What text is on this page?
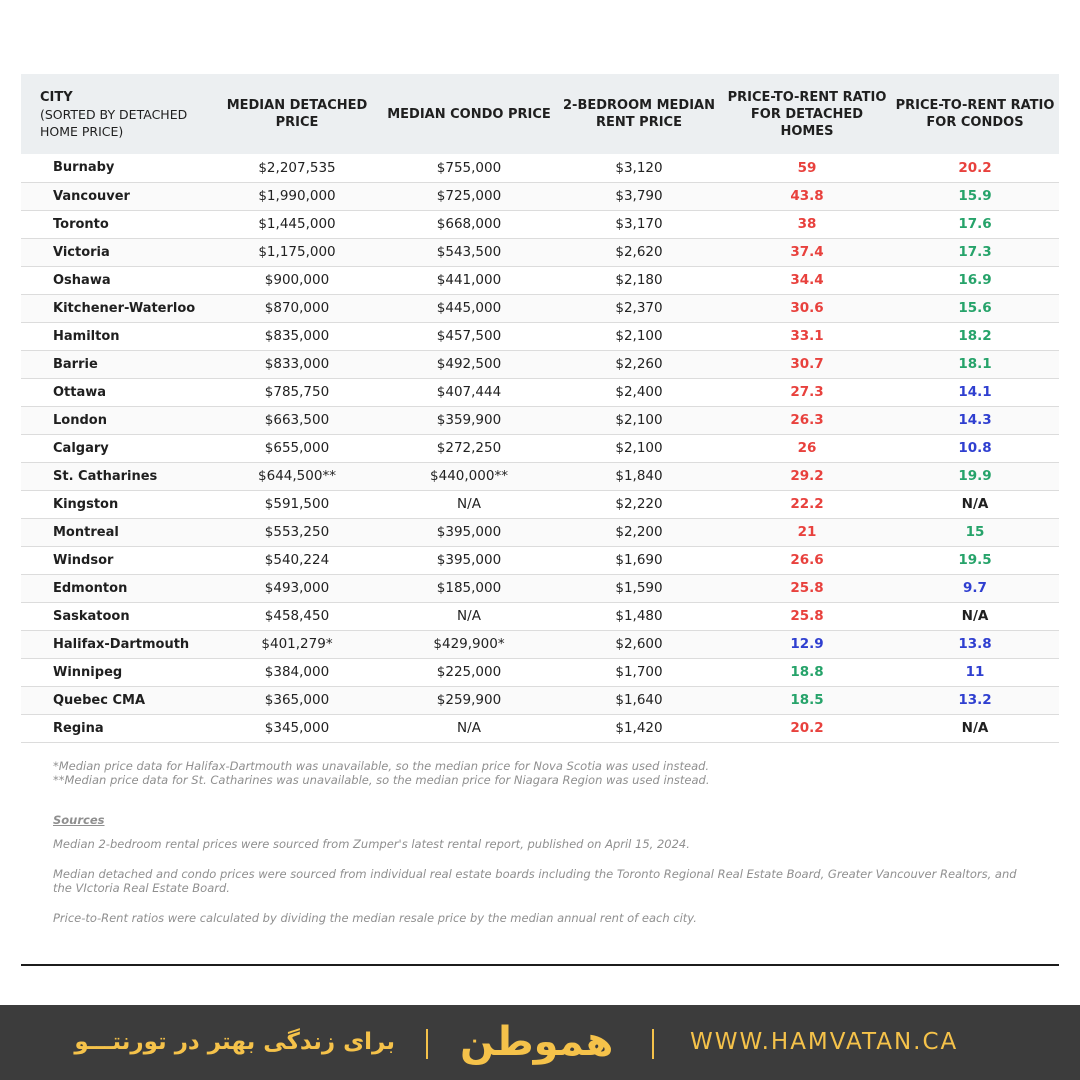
CITY
(SORTED BY DETACHED HOME PRICE)	MEDIAN DETACHED PRICE	MEDIAN CONDO PRICE	2-BEDROOM MEDIAN RENT PRICE	PRICE-TO-RENT RATIO FOR DETACHED HOMES	PRICE-TO-RENT RATIO FOR CONDOS
Burnaby	$2,207,535	$755,000	$3,120	59	20.2
Vancouver	$1,990,000	$725,000	$3,790	43.8	15.9
Toronto	$1,445,000	$668,000	$3,170	38	17.6
Victoria	$1,175,000	$543,500	$2,620	37.4	17.3
Oshawa	$900,000	$441,000	$2,180	34.4	16.9
Kitchener-Waterloo	$870,000	$445,000	$2,370	30.6	15.6
Hamilton	$835,000	$457,500	$2,100	33.1	18.2
Barrie	$833,000	$492,500	$2,260	30.7	18.1
Ottawa	$785,750	$407,444	$2,400	27.3	14.1
London	$663,500	$359,900	$2,100	26.3	14.3
Calgary	$655,000	$272,250	$2,100	26	10.8
St. Catharines	$644,500**	$440,000**	$1,840	29.2	19.9
Kingston	$591,500	N/A	$2,220	22.2	N/A
Montreal	$553,250	$395,000	$2,200	21	15
Windsor	$540,224	$395,000	$1,690	26.6	19.5
Edmonton	$493,000	$185,000	$1,590	25.8	9.7
Saskatoon	$458,450	N/A	$1,480	25.8	N/A
Halifax-Dartmouth	$401,279*	$429,900*	$2,600	12.9	13.8
Winnipeg	$384,000	$225,000	$1,700	18.8	11
Quebec CMA	$365,000	$259,900	$1,640	18.5	13.2
Regina	$345,000	N/A	$1,420	20.2	N/A

*Median price data for Halifax-Dartmouth was unavailable, so the median price for Nova Scotia was used instead.

**Median price data for St. Catharines was unavailable, so the median price for Niagara Region was used instead.

Sources

Median 2-bedroom rental prices were sourced from Zumper's latest rental report, published on April 15, 2024.

Median detached and condo prices were sourced from individual real estate boards including the Toronto Regional Real Estate Board, Greater Vancouver Realtors, and the VIctoria Real Estate Board.

Price-to-Rent ratios were calculated by dividing the median resale price by the median annual rent of each city.

برای زندگی بهتر در تورنتـــو هموطن	WWW.HAMVATAN.CA
